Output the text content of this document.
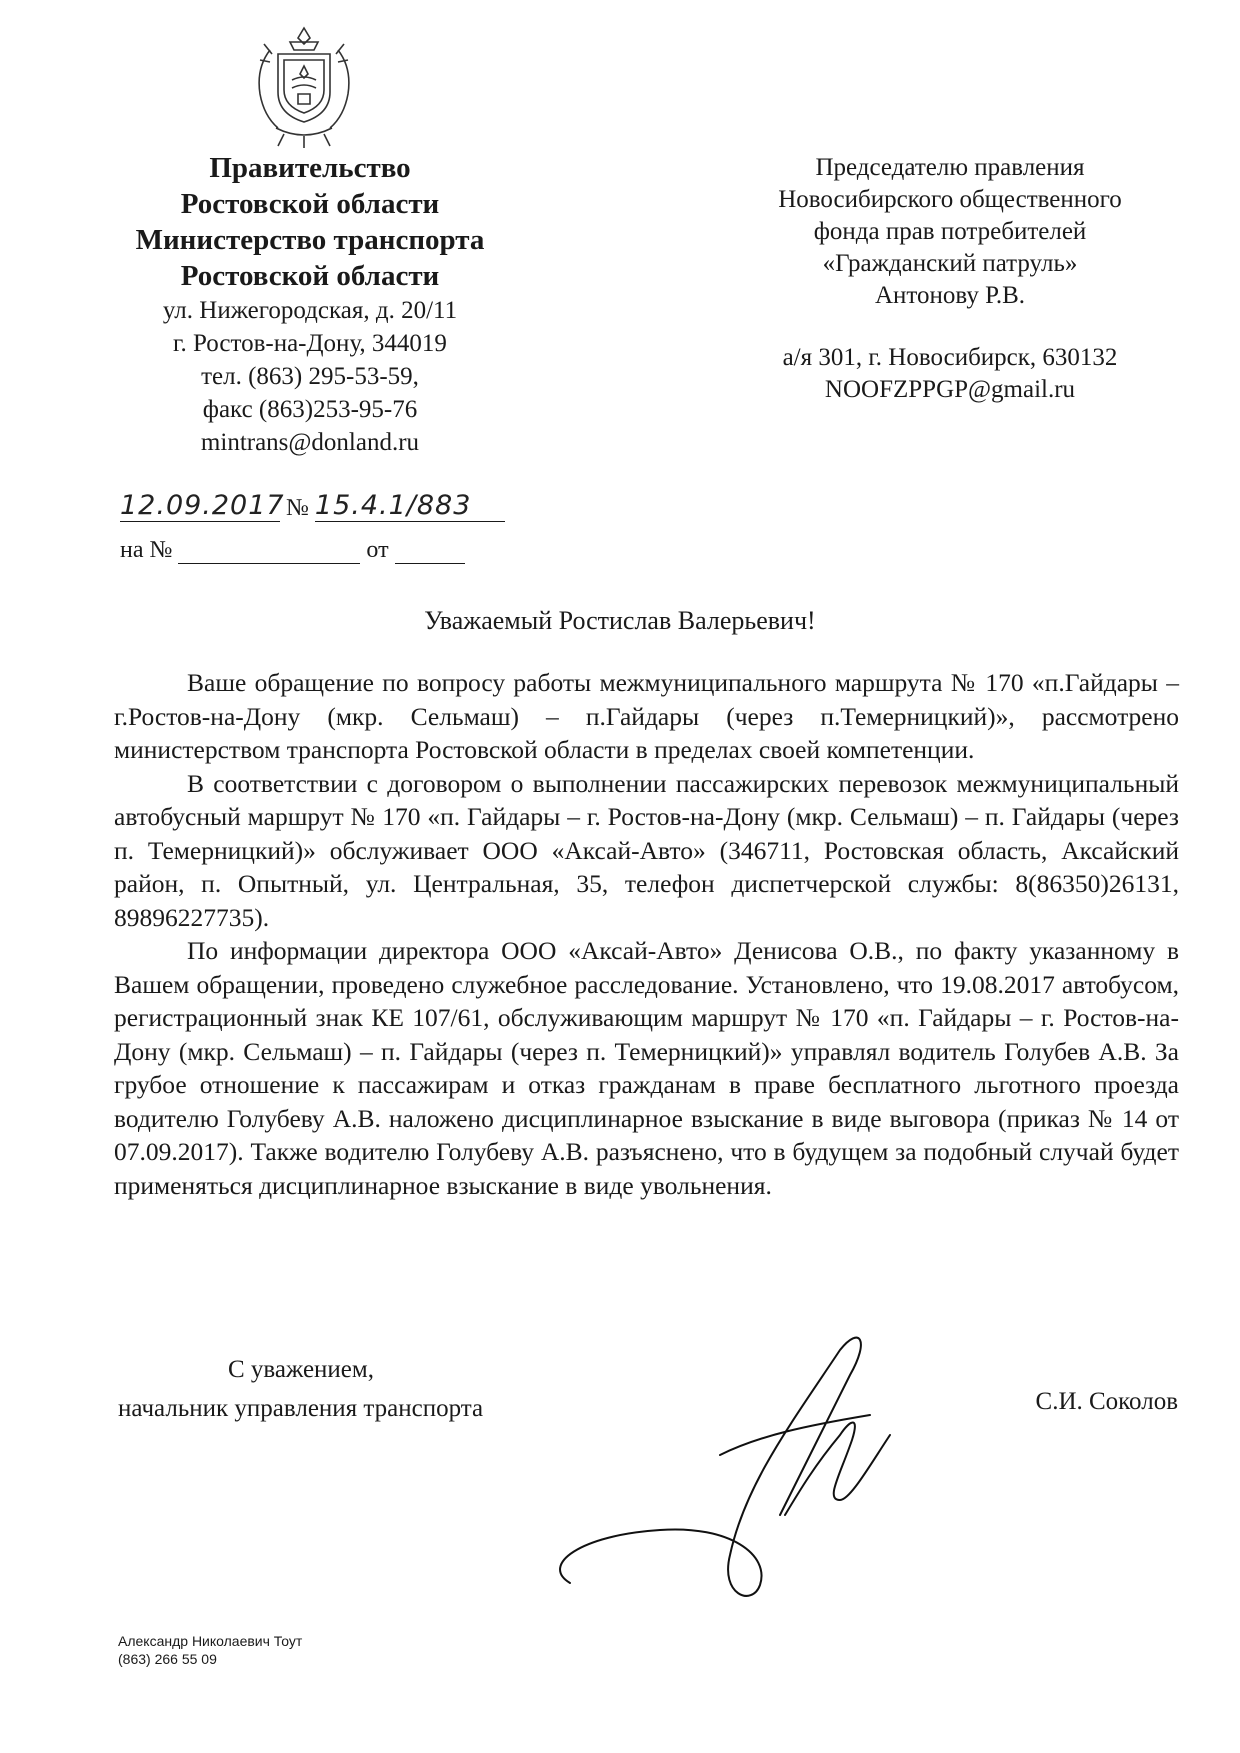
Правительство
Ростовской области
Министерство транспорта
Ростовской области
ул. Нижегородская, д. 20/11
г. Ростов-на-Дону, 344019
тел. (863) 295-53-59,
факс (863)253-95-76
mintrans@donland.ru
12.09.2017 № 15.4.1/883
на №	от
Председателю правления
Новосибирского общественного
фонда прав потребителей
«Гражданский патруль»
Антонову Р.В.
а/я 301, г. Новосибирск, 630132
NOOFZPPGP@gmail.ru
Уважаемый Ростислав Валерьевич!

Ваше обращение по вопросу работы межмуниципального маршрута № 170 «п.Гайдары – г.Ростов-на-Дону (мкр. Сельмаш) – п.Гайдары (через п.Темерницкий)», рассмотрено министерством транспорта Ростовской области в пределах своей компетенции.

В соответствии с договором о выполнении пассажирских перевозок межмуниципальный автобусный маршрут № 170 «п. Гайдары – г. Ростов-на-Дону (мкр. Сельмаш) – п. Гайдары (через п. Темерницкий)» обслуживает ООО «Аксай-Авто» (346711, Ростовская область, Аксайский район, п. Опытный, ул. Центральная, 35, телефон диспетчерской службы: 8(86350)26131, 89896227735).

По информации директора ООО «Аксай-Авто» Денисова О.В., по факту указанному в Вашем обращении, проведено служебное расследование. Установлено, что 19.08.2017 автобусом, регистрационный знак КЕ 107/61, обслуживающим маршрут № 170 «п. Гайдары – г. Ростов-на-Дону (мкр. Сельмаш) – п. Гайдары (через п. Темерницкий)» управлял водитель Голубев А.В. За грубое отношение к пассажирам и отказ гражданам в праве бесплатного льготного проезда водителю Голубеву А.В. наложено дисциплинарное взыскание в виде выговора (приказ № 14 от 07.09.2017). Также водителю Голубеву А.В. разъяснено, что в будущем за подобный случай будет применяться дисциплинарное взыскание в виде увольнения.

С уважением,
начальник управления транспорта	С.И. Соколов
Александр Николаевич Тоут
(863) 266 55 09
